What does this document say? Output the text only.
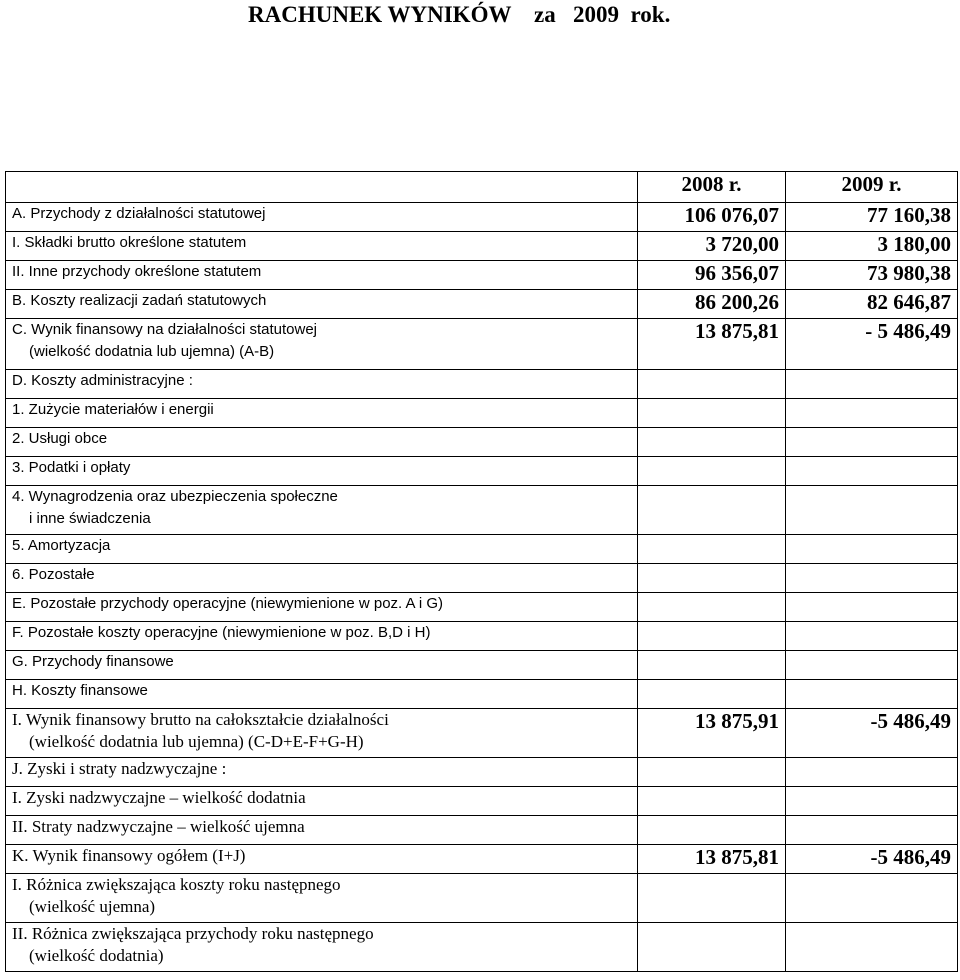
RACHUNEK WYNIKÓW    za   2009  rok.
	2008 r.	2009 r.
A. Przychody z działalności statutowej	106 076,07	77 160,38
I. Składki brutto określone statutem	3 720,00	3 180,00
II. Inne przychody określone statutem	96 356,07	73 980,38
B. Koszty realizacji zadań statutowych	86 200,26	82 646,87
C. Wynik finansowy na działalności statutowej
(wielkość dodatnia lub ujemna) (A-B)	13 875,81	- 5 486,49
D. Koszty administracyjne :		
1. Zużycie materiałów i energii		
2. Usługi obce		
3. Podatki i opłaty		
4. Wynagrodzenia oraz ubezpieczenia społeczne
i inne świadczenia		

5. Amortyzacja		
6. Pozostałe		
E. Pozostałe przychody operacyjne (niewymienione w poz. A i G)		
F. Pozostałe koszty operacyjne (niewymienione w poz. B,D i H)		
G. Przychody finansowe		
H. Koszty finansowe		
I. Wynik finansowy brutto na całokształcie działalności
(wielkość dodatnia lub ujemna) (C-D+E-F+G-H)	13 875,91	-5 486,49
J. Zyski i straty nadzwyczajne :		
I. Zyski nadzwyczajne – wielkość dodatnia		
II. Straty nadzwyczajne – wielkość ujemna		
K. Wynik finansowy ogółem (I+J)	13 875,81	-5 486,49
I. Różnica zwiększająca koszty roku następnego
(wielkość ujemna)		

II. Różnica zwiększająca przychody roku następnego
(wielkość dodatnia)		
